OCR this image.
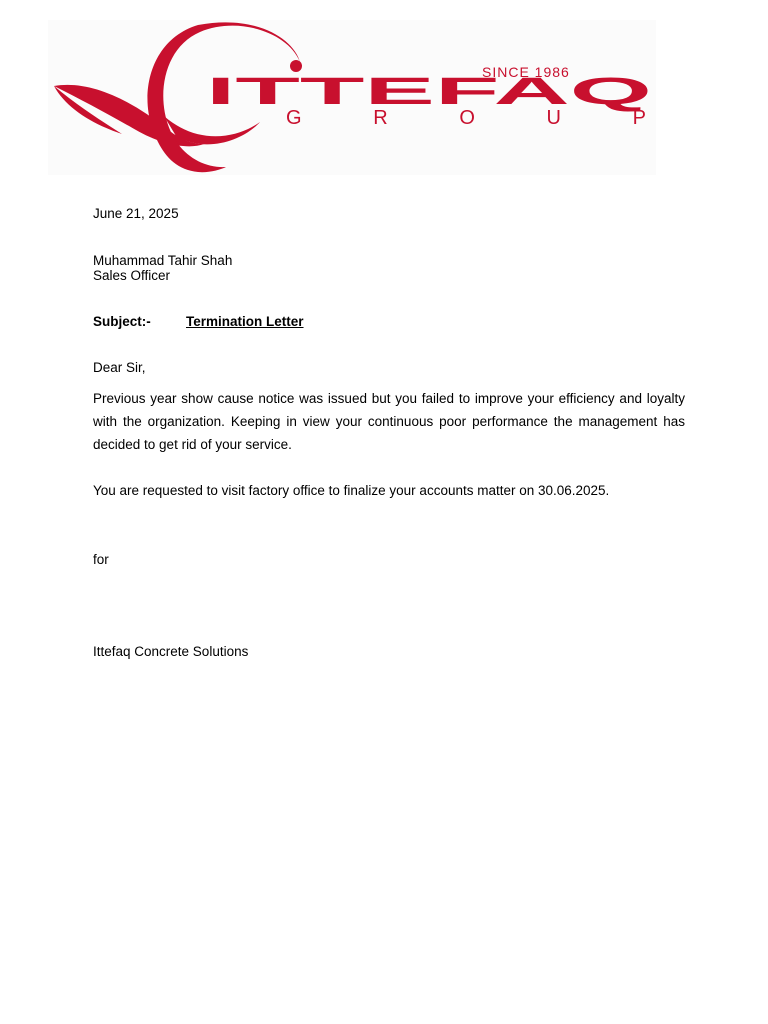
SINCE 1986
ITTEFAQ
GROUP
June 21, 2025
Muhammad Tahir Shah
Sales Officer
Subject:-	Termination Letter
Dear Sir,
Previous year show cause notice was issued but you failed to improve your efficiency and loyalty with the organization. Keeping in view your continuous poor performance the management has decided to get rid of your service.
You are requested to visit factory office to finalize your accounts matter on 30.06.2025.
for
Ittefaq Concrete Solutions
